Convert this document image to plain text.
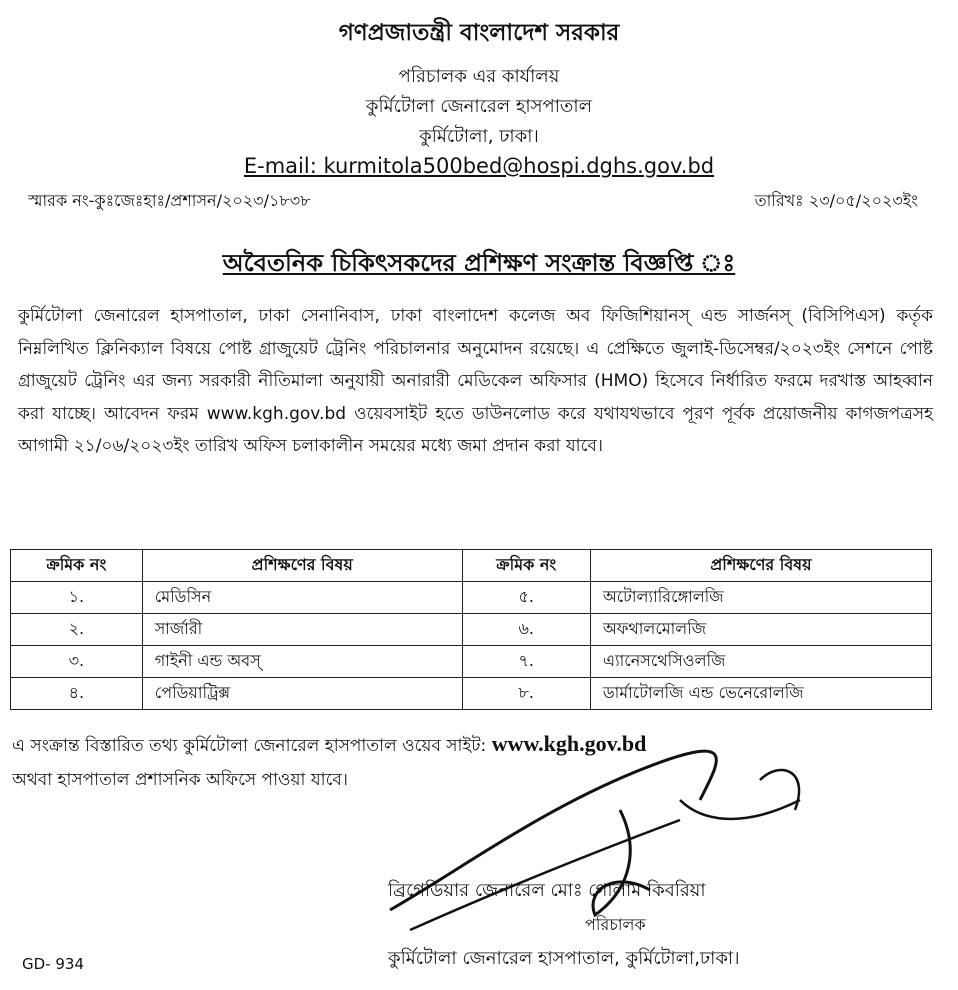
গণপ্রজাতন্ত্রী বাংলাদেশ সরকার
পরিচালক এর কার্যালয়
কুর্মিটোলা জেনারেল হাসপাতাল
কুর্মিটোলা, ঢাকা।
E-mail: kurmitola500bed@hospi.dghs.gov.bd
স্মারক নং-কুঃজেঃহাঃ/প্রশাসন/২০২৩/১৮৩৮	তারিখঃ ২৩/০৫/২০২৩ইং
অবৈতনিক চিকিৎসকদের প্রশিক্ষণ সংক্রান্ত বিজ্ঞপ্তি ঃ
কুর্মিটোলা জেনারেল হাসপাতাল, ঢাকা সেনানিবাস, ঢাকা বাংলাদেশ কলেজ অব ফিজিশিয়ানস্ এন্ড সার্জনস্ (বিসিপিএস) কর্তৃক নিম্নলিখিত ক্লিনিক্যাল বিষয়ে পোষ্ট গ্রাজুয়েট ট্রেনিং পরিচালনার অনুমোদন রয়েছে। এ প্রেক্ষিতে জুলাই-ডিসেম্বর/২০২৩ইং সেশনে পোষ্ট গ্রাজুয়েট ট্রেনিং এর জন্য সরকারী নীতিমালা অনুযায়ী অনারারী মেডিকেল অফিসার (HMO) হিসেবে নির্ধারিত ফরমে দরখাস্ত আহব্বান করা যাচ্ছে। আবেদন ফরম www.kgh.gov.bd ওয়েবসাইট হতে ডাউনলোড করে যথাযথভাবে পূরণ পূর্বক প্রয়োজনীয় কাগজপত্রসহ আগামী ২১/০৬/২০২৩ইং তারিখ অফিস চলাকালীন সময়ের মধ্যে জমা প্রদান করা যাবে।
ক্রমিক নং	প্রশিক্ষণের বিষয়	ক্রমিক নং	প্রশিক্ষণের বিষয়
১.	মেডিসিন	৫.	অটোল্যারিঙ্গোলজি
২.	সার্জারী	৬.	অফথালমোলজি
৩.	গাইনী এন্ড অবস্	৭.	এ্যানেসথেসিওলজি
৪.	পেডিয়াট্রিক্স	৮.	ডার্মাটোলজি এন্ড ভেনেরোলজি
এ সংক্রান্ত বিস্তারিত তথ্য কুর্মিটোলা জেনারেল হাসপাতাল ওয়েব সাইট: www.kgh.gov.bd
অথবা হাসপাতাল প্রশাসনিক অফিসে পাওয়া যাবে।
ব্রিগেডিয়ার জেনারেল মোঃ গোলাম কিবরিয়া
পরিচালক
কুর্মিটোলা জেনারেল হাসপাতাল, কুর্মিটোলা,ঢাকা।
GD- 934
